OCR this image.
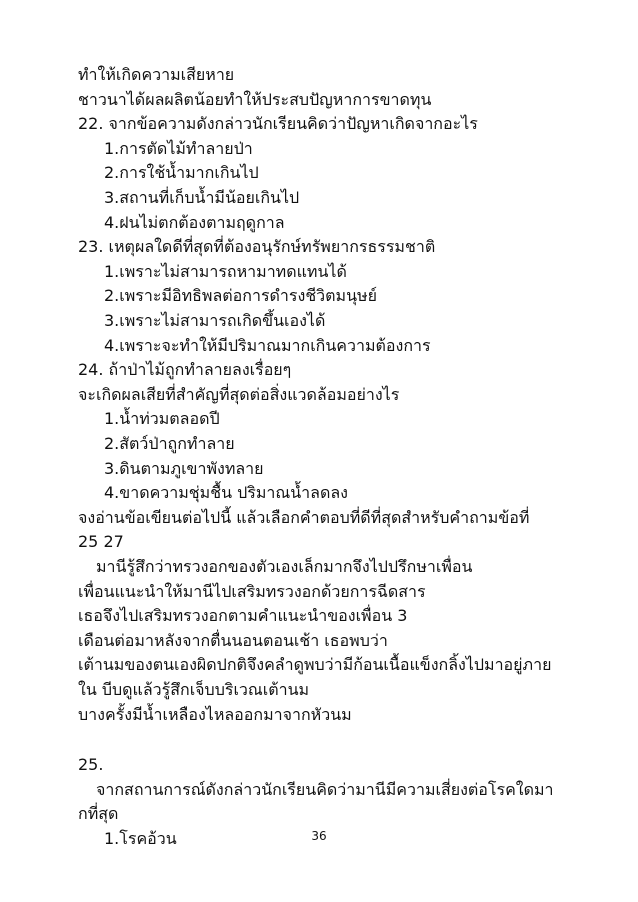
ทำให้เกิดความเสียหาย
ชาวนาได้ผลผลิตน้อยทำให้ประสบปัญหาการขาดทุน
22. จากข้อความดังกล่าวนักเรียนคิดว่าปัญหาเกิดจากอะไร
1.การตัดไม้ทำลายป่า
2.การใช้น้ำมากเกินไป
3.สถานที่เก็บน้ำมีน้อยเกินไป
4.ฝนไม่ตกต้องตามฤดูกาล
23. เหตุผลใดดีที่สุดที่ต้องอนุรักษ์ทรัพยากรธรรมชาติ
1.เพราะไม่สามารถหามาทดแทนได้
2.เพราะมีอิทธิพลต่อการดำรงชีวิตมนุษย์
3.เพราะไม่สามารถเกิดขึ้นเองได้
4.เพราะจะทำให้มีปริมาณมากเกินความต้องการ
24. ถ้าป่าไม้ถูกทำลายลงเรื่อยๆ
จะเกิดผลเสียที่สำคัญที่สุดต่อสิ่งแวดล้อมอย่างไร
1.น้ำท่วมตลอดปี
2.สัตว์ป่าถูกทำลาย
3.ดินตามภูเขาพังทลาย
4.ขาดความชุ่มชื้น ปริมาณน้ำลดลง
จงอ่านข้อเขียนต่อไปนี้ แล้วเลือกคำตอบที่ดีที่สุดสำหรับคำถามข้อที่
25 27
มานีรู้สึกว่าทรวงอกของตัวเองเล็กมากจึงไปปรึกษาเพื่อน
เพื่อนแนะนำให้มานีไปเสริมทรวงอกด้วยการฉีดสาร
เธอจึงไปเสริมทรวงอกตามคำแนะนำของเพื่อน 3
เดือนต่อมาหลังจากตื่นนอนตอนเช้า เธอพบว่า
เต้านมของตนเองผิดปกติจึงคลำดูพบว่ามีก้อนเนื้อแข็งกลิ้งไปมาอยู่ภาย
ใน บีบดูแล้วรู้สึกเจ็บบริเวณเต้านม
บางครั้งมีน้ำเหลืองไหลออกมาจากหัวนม
25.
จากสถานการณ์ดังกล่าวนักเรียนคิดว่ามานีมีความเสี่ยงต่อโรคใดมา
กที่สุด
1.โรคอ้วน	36
